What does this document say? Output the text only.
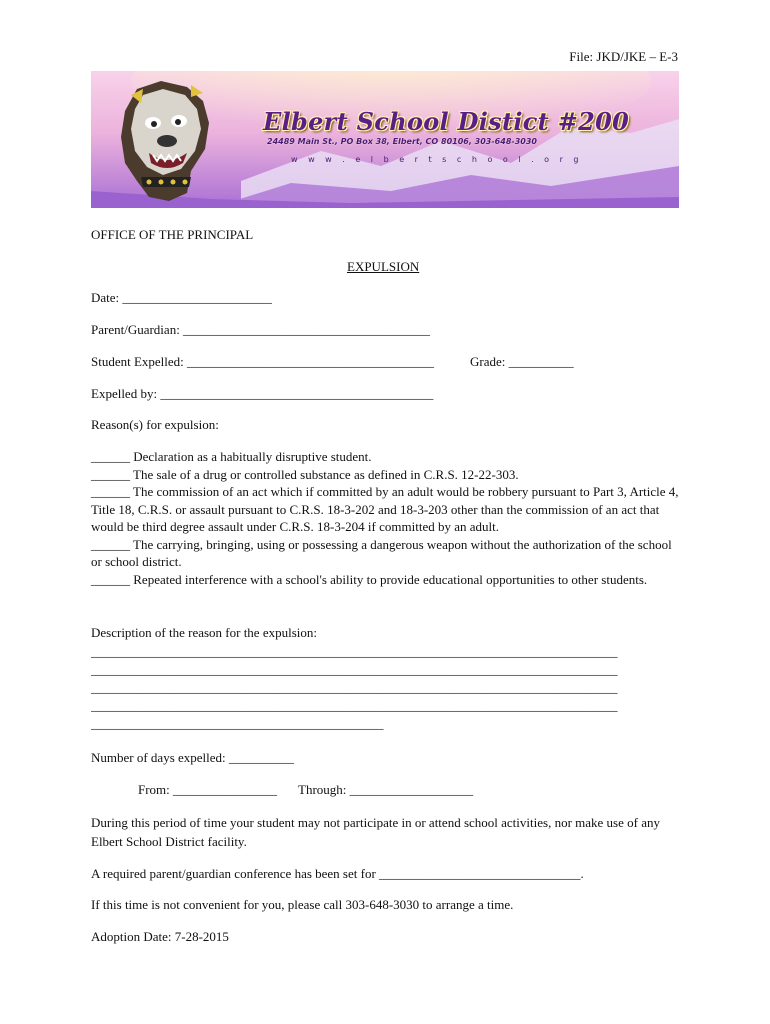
File: JKD/JKE – E-3
Elbert School Distict #200
24489 Main St., PO Box 38, Elbert, CO 80106, 303-648-3030
w w w . e l b e r t s c h o o l . o r g
OFFICE OF THE PRINCIPAL
EXPULSION
Date: _______________________
Parent/Guardian: ______________________________________
Student Expelled: ______________________________________	Grade: __________
Expelled by: __________________________________________
Reason(s) for expulsion:

______ Declaration as a habitually disruptive student.

______ The sale of a drug or controlled substance as defined in C.R.S. 12-22-303.

______ The commission of an act which if committed by an adult would be robbery pursuant to Part 3, Article 4, Title 18, C.R.S. or assault pursuant to C.R.S. 18-3-202 and 18-3-203 other than the commission of an act that would be third degree assault under C.R.S. 18-3-204 if committed by an adult.

______ The carrying, bringing, using or possessing a dangerous weapon without the authorization of the school or school district.

______ Repeated interference with a school's ability to provide educational opportunities to other students.

Description of the reason for the expulsion:
_________________________________________________________________________________
_________________________________________________________________________________
_________________________________________________________________________________
_________________________________________________________________________________
_____________________________________________
Number of days expelled: __________
From: ________________ Through: ___________________
During this period of time your student may not participate in or attend school activities, nor make use of any Elbert School District facility.
A required parent/guardian conference has been set for _______________________________.
If this time is not convenient for you, please call 303-648-3030 to arrange a time.
Adoption Date: 7-28-2015
